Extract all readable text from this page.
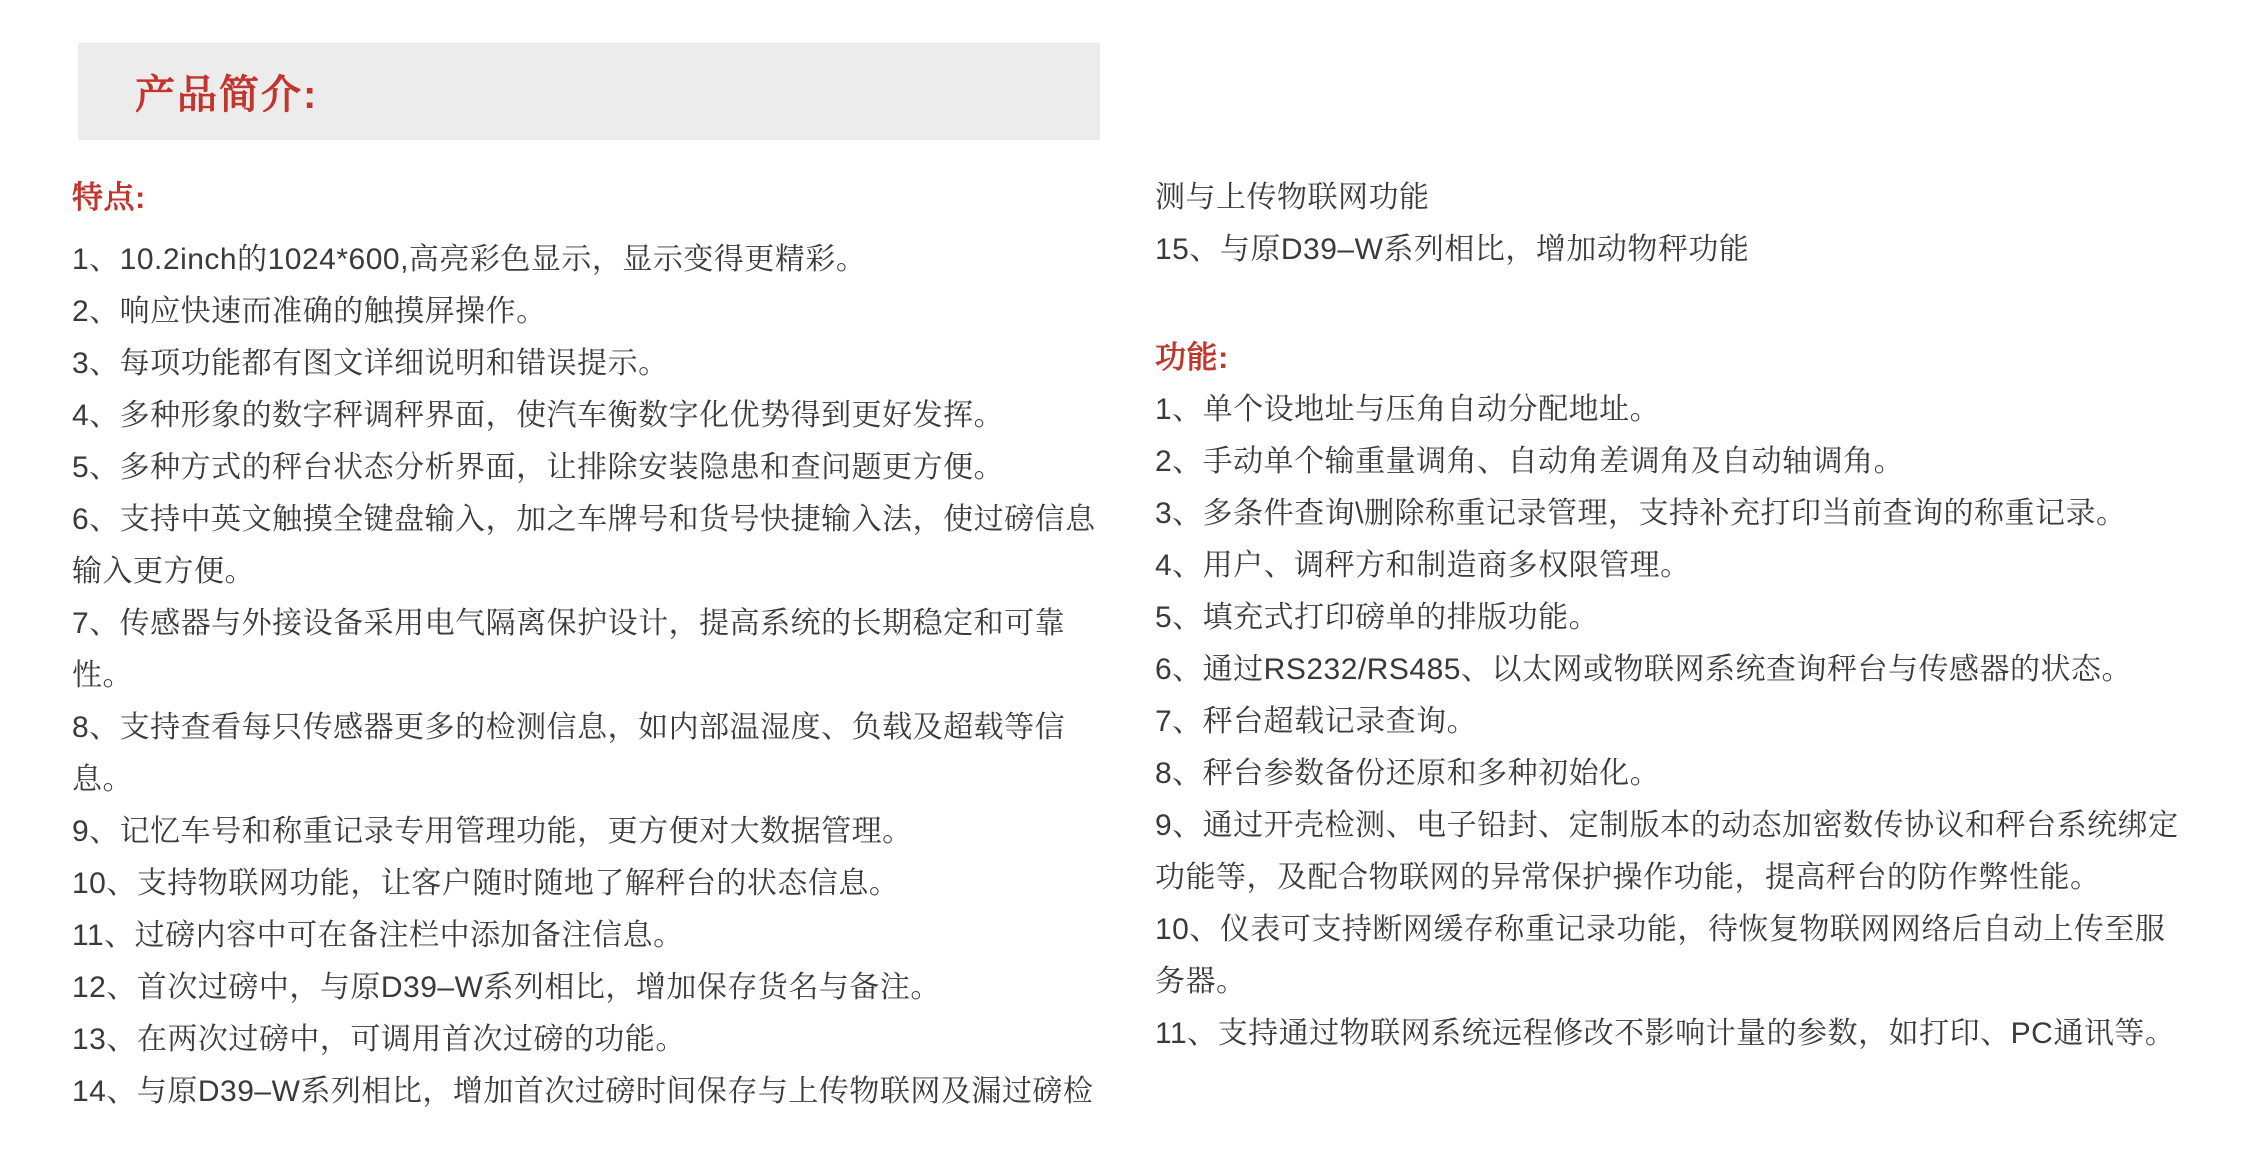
产品简介:

特点:

1、10.2inch的1024*600,高亮彩色显示，显示变得更精彩。

2、响应快速而准确的触摸屏操作。

3、每项功能都有图文详细说明和错误提示。

4、多种形象的数字秤调秤界面，使汽车衡数字化优势得到更好发挥。

5、多种方式的秤台状态分析界面，让排除安装隐患和查问题更方便。

6、支持中英文触摸全键盘输入，加之车牌号和货号快捷输入法，使过磅信息输入更方便。

7、传感器与外接设备采用电气隔离保护设计，提高系统的长期稳定和可靠性。

8、支持查看每只传感器更多的检测信息，如内部温湿度、负载及超载等信息。

9、记忆车号和称重记录专用管理功能，更方便对大数据管理。

10、支持物联网功能，让客户随时随地了解秤台的状态信息。

11、过磅内容中可在备注栏中添加备注信息。

12、首次过磅中，与原D39–W系列相比，增加保存货名与备注。

13、在两次过磅中，可调用首次过磅的功能。

14、与原D39–W系列相比，增加首次过磅时间保存与上传物联网及漏过磅检

测与上传物联网功能

15、与原D39–W系列相比，增加动物秤功能

功能:

1、单个设地址与压角自动分配地址。

2、手动单个输重量调角、自动角差调角及自动轴调角。

3、多条件查询\删除称重记录管理，支持补充打印当前查询的称重记录。

4、用户、调秤方和制造商多权限管理。

5、填充式打印磅单的排版功能。

6、通过RS232/RS485、以太网或物联网系统查询秤台与传感器的状态。

7、秤台超载记录查询。

8、秤台参数备份还原和多种初始化。

9、通过开壳检测、电子铅封、定制版本的动态加密数传协议和秤台系统绑定功能等，及配合物联网的异常保护操作功能，提高秤台的防作弊性能。

10、仪表可支持断网缓存称重记录功能，待恢复物联网网络后自动上传至服务器。

11、支持通过物联网系统远程修改不影响计量的参数，如打印、PC通讯等。
